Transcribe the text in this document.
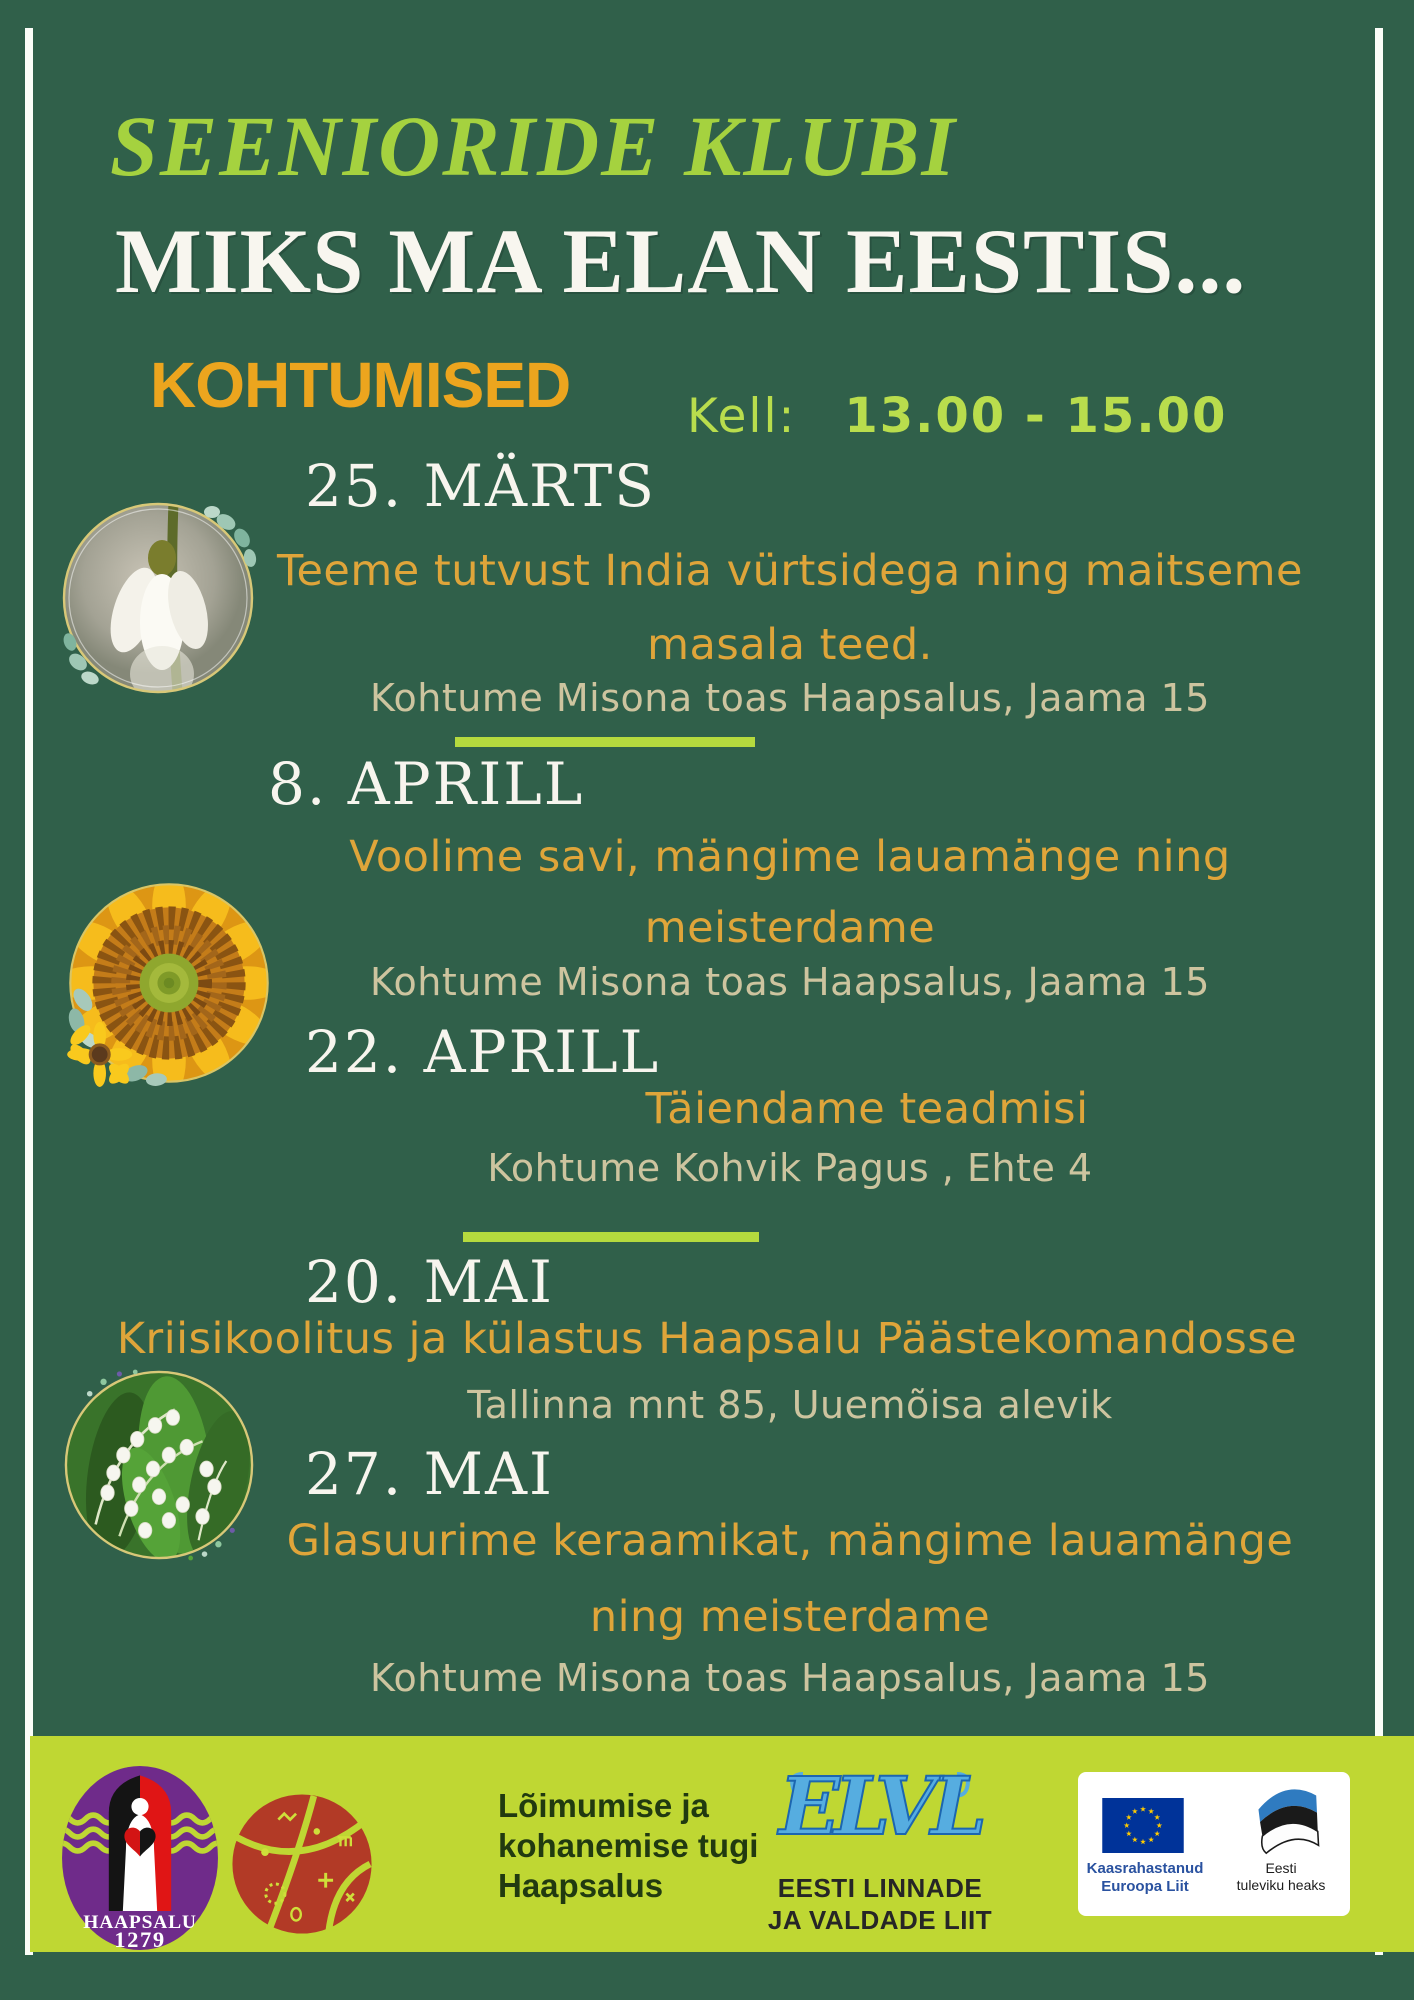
SEENIORIDE KLUBI
MIKS MA ELAN EESTIS...
KOHTUMISED Kell: 13.00 - 15.00
25. MÄRTS
Teeme tutvust India vürtsidega ning maitseme
masala teed.
Kohtume Misona toas Haapsalus, Jaama 15
8. APRILL
Voolime savi, mängime lauamänge ning
meisterdame
Kohtume Misona toas Haapsalus, Jaama 15
22. APRILL
Täiendame teadmisi
Kohtume Kohvik Pagus , Ehte 4
20. MAI
Kriisikoolitus ja külastus Haapsalu Päästekomandosse
Tallinna mnt 85, Uuemõisa alevik
27. MAI
Glasuurime keraamikat, mängime lauamänge
ning meisterdame
Kohtume Misona toas Haapsalus, Jaama 15
HAAPSALU
1279
Lõimumise ja
kohanemise tugi
Haapsalus
ELVL
EESTI LINNADE
JA VALDADE LIIT
Kaasrahastanud
Euroopa Liit
Eesti
tuleviku heaks
